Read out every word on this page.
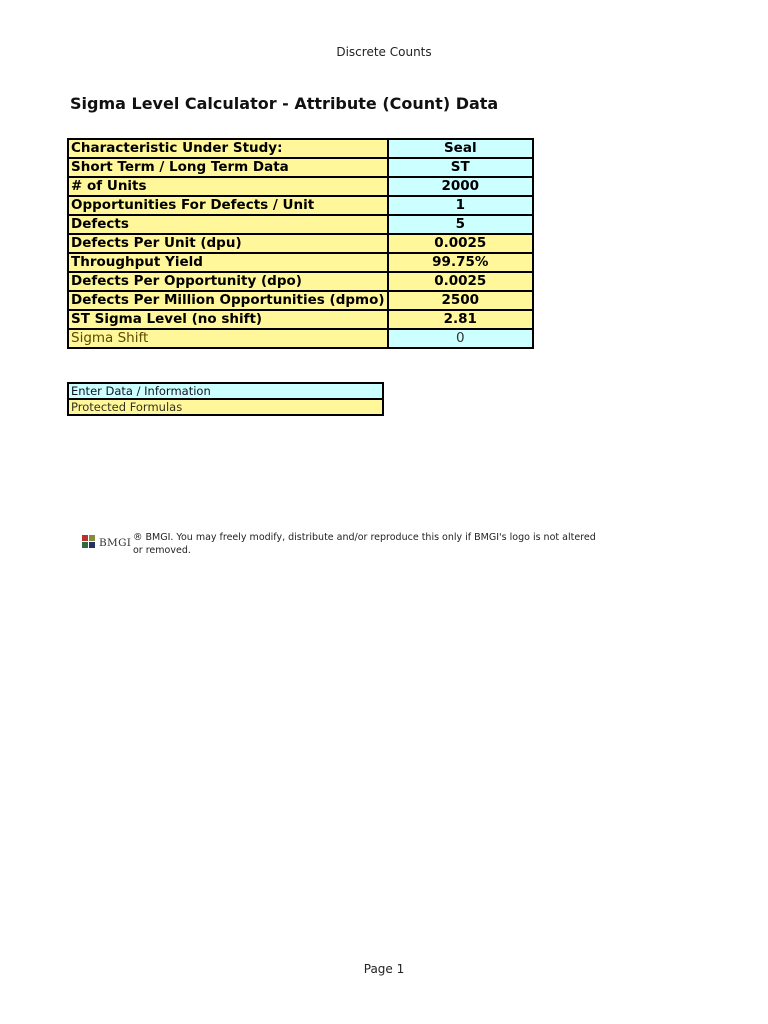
Discrete Counts
Sigma Level Calculator - Attribute (Count) Data
Characteristic Under Study:	Seal
Short Term / Long Term Data	ST
# of Units	2000
Opportunities For Defects / Unit	1
Defects	5
Defects Per Unit (dpu)	0.0025
Throughput Yield	99.75%
Defects Per Opportunity (dpo)	0.0025
Defects Per Million Opportunities (dpmo)	2500
ST Sigma Level (no shift)	2.81
Sigma Shift	0
Enter Data / Information
Protected Formulas
BMGI ® BMGI. You may freely modify, distribute and/or reproduce this only if BMGI's logo is not altered
or removed.
Page 1
